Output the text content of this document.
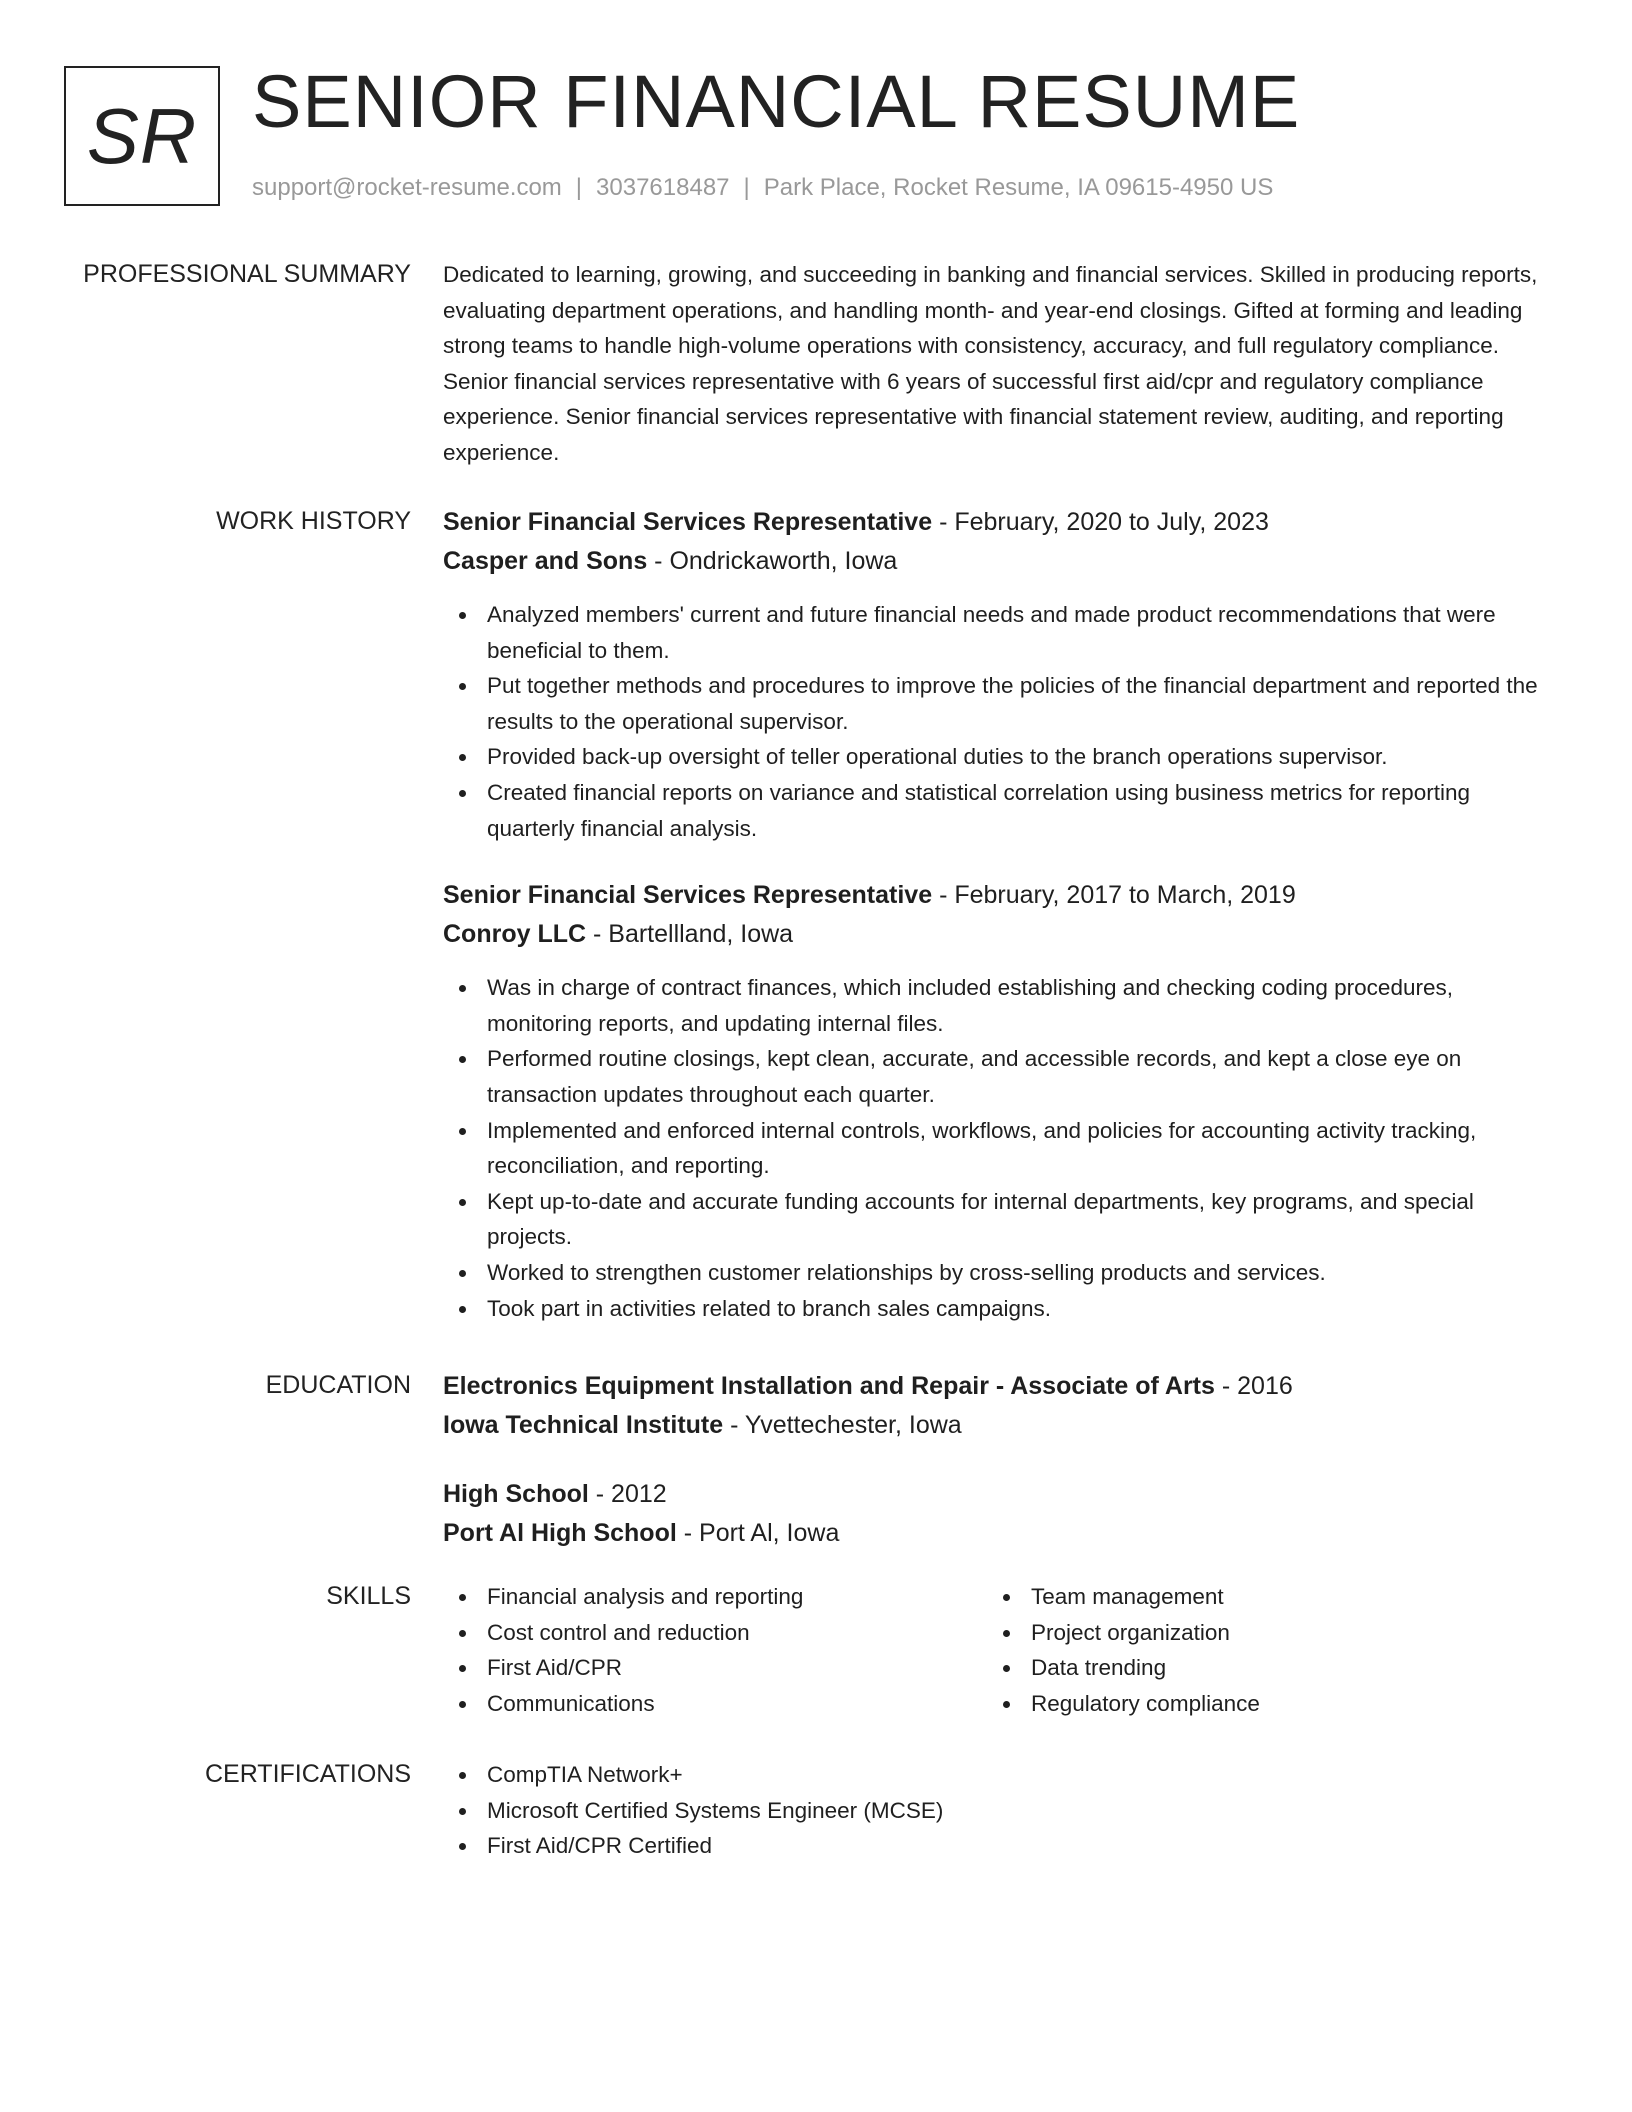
SR SENIOR FINANCIAL RESUME
support@rocket-resume.com | 3037618487 | Park Place, Rocket Resume, IA 09615-4950 US
PROFESSIONAL SUMMARY Dedicated to learning, growing, and succeeding in banking and financial services. Skilled in producing reports, evaluating department operations, and handling month- and year-end closings. Gifted at forming and leading strong teams to handle high-volume operations with consistency, accuracy, and full regulatory compliance. Senior financial services representative with 6 years of successful first aid/cpr and regulatory compliance experience. Senior financial services representative with financial statement review, auditing, and reporting experience.

WORK HISTORY Senior Financial Services Representative - February, 2020 to July, 2023
Casper and Sons - Ondrickaworth, Iowa
Analyzed members' current and future financial needs and made product recommendations that were beneficial to them.
Put together methods and procedures to improve the policies of the financial department and reported the results to the operational supervisor.
Provided back-up oversight of teller operational duties to the branch operations supervisor.
Created financial reports on variance and statistical correlation using business metrics for reporting quarterly financial analysis.
Senior Financial Services Representative - February, 2017 to March, 2019
Conroy LLC - Bartellland, Iowa
Was in charge of contract finances, which included establishing and checking coding procedures, monitoring reports, and updating internal files.
Performed routine closings, kept clean, accurate, and accessible records, and kept a close eye on transaction updates throughout each quarter.
Implemented and enforced internal controls, workflows, and policies for accounting activity tracking, reconciliation, and reporting.
Kept up-to-date and accurate funding accounts for internal departments, key programs, and special projects.
Worked to strengthen customer relationships by cross-selling products and services.
Took part in activities related to branch sales campaigns.
EDUCATION Electronics Equipment Installation and Repair - Associate of Arts - 2016
Iowa Technical Institute - Yvettechester, Iowa
High School - 2012
Port Al High School - Port Al, Iowa
SKILLS	Financial analysis and reporting
Cost control and reduction
First Aid/CPR
Communications
Team management
Project organization
Data trending
Regulatory compliance
CERTIFICATIONS	CompTIA Network+
Microsoft Certified Systems Engineer (MCSE)
First Aid/CPR Certified
